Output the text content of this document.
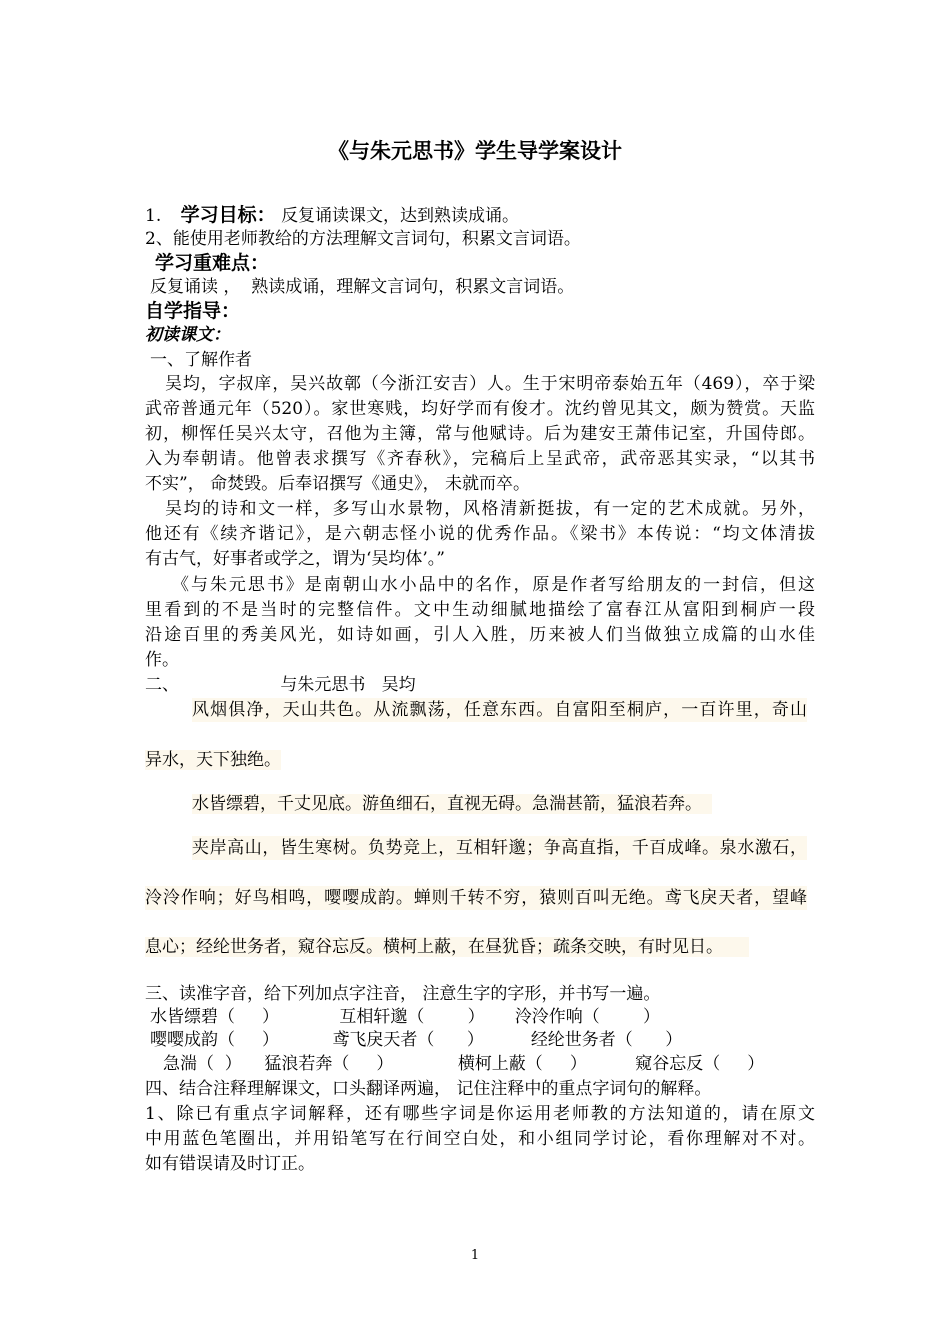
《与朱元思书》学生导学案设计
1. 学习目标： 反复诵读课文，达到熟读成诵。
2、能使用老师教给的方法理解文言词句，积累文言词语。
学习重难点：
反复诵读 ，  熟读成诵，理解文言词句，积累文言词语。
自学指导：
初读课文：
一、了解作者
吴均，字叔庠，吴兴故鄣（今浙江安吉）人。生于宋明帝泰始五年（469），卒于梁
武帝普通元年（520）。家世寒贱，均好学而有俊才。沈约曾见其文，颇为赞赏。天监
初，柳恽任吴兴太守，召他为主簿，常与他赋诗。后为建安王萧伟记室，升国侍郎。
入为奉朝请。他曾表求撰写《齐春秋》，完稿后上呈武帝，武帝恶其实录，“以其书
不实”， 命焚毁。后奉诏撰写《通史》， 未就而卒。
吴均的诗和文一样，多写山水景物，风格清新挺拔，有一定的艺术成就。另外，
他还有《续齐谐记》，是六朝志怪小说的优秀作品。《梁书》本传说：“均文体清拔
有古气，好事者或学之，谓为‘吴均体’。”
《与朱元思书》是南朝山水小品中的名作，原是作者写给朋友的一封信，但这
里看到的不是当时的完整信件。文中生动细腻地描绘了富春江从富阳到桐庐一段
沿途百里的秀美风光，如诗如画，引人入胜，历来被人们当做独立成篇的山水佳
作。
二、	与朱元思书   吴均
风烟俱净，天山共色。从流飘荡，任意东西。自富阳至桐庐，一百许里，奇山
异水，天下独绝。
水皆缥碧，千丈见底。游鱼细石，直视无碍。急湍甚箭，猛浪若奔。
夹岸高山，皆生寒树。负势竞上，互相轩邈；争高直指，千百成峰。泉水激石，
泠泠作响；好鸟相鸣，嘤嘤成韵。蝉则千转不穷，猿则百叫无绝。鸢飞戾天者，望峰
息心；经纶世务者，窥谷忘反。横柯上蔽，在昼犹昏；疏条交映，有时见日。
三、读准字音，给下列加点字注音， 注意生字的字形，并书写一遍。
水皆缥碧（     ）	互相轩邈（        ） 泠泠作响（        ）
嘤嘤成韵（     ）	鸢飞戾天者（      ）	经纶世务者（      ）
急湍（  ） 猛浪若奔（     ）	横柯上蔽（     ）	窥谷忘反（     ）
四、结合注释理解课文，口头翻译两遍， 记住注释中的重点字词句的解释。
1、除已有重点字词解释，还有哪些字词是你运用老师教的方法知道的，请在原文
中用蓝色笔圈出，并用铅笔写在行间空白处，和小组同学讨论，看你理解对不对。
如有错误请及时订正。
1
